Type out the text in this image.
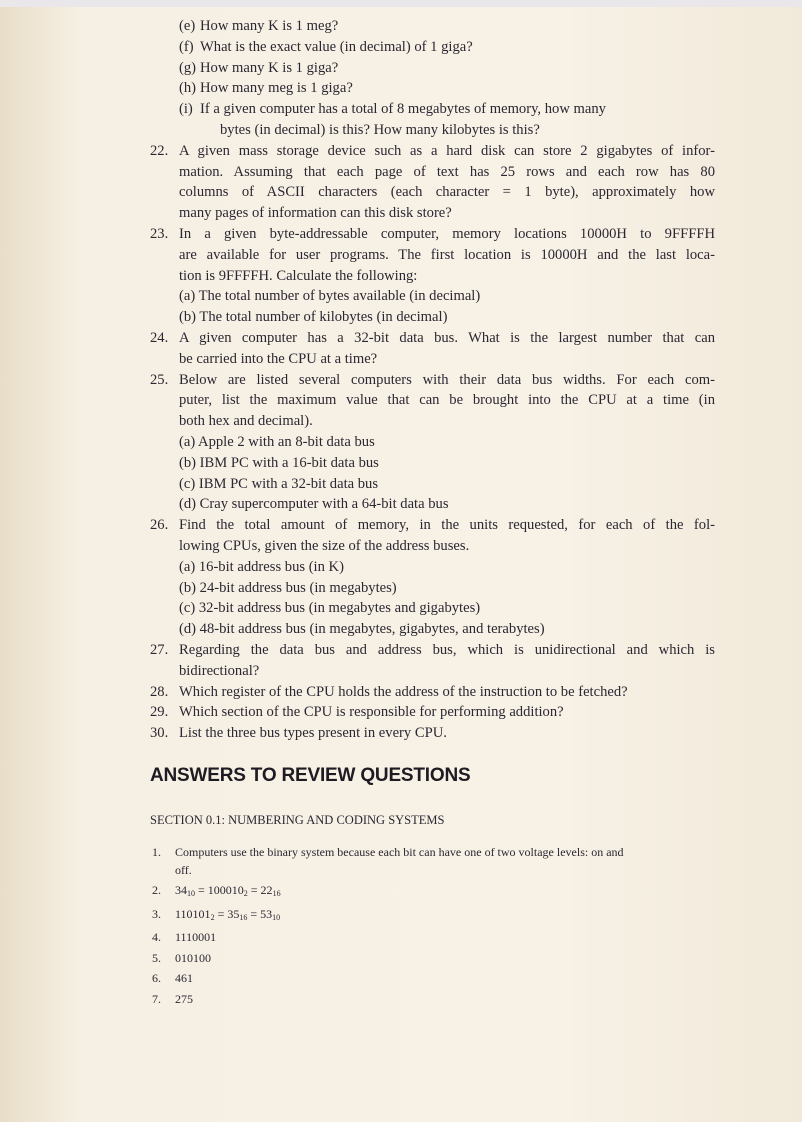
(e) How many K is 1 meg?
(f) What is the exact value (in decimal) of 1 giga?
(g) How many K is 1 giga?
(h) How many meg is 1 giga?
(i) If a given computer has a total of 8 megabytes of memory, how many
bytes (in decimal) is this? How many kilobytes is this?
22. A given mass storage device such as a hard disk can store 2 gigabytes of infor-
mation. Assuming that each page of text has 25 rows and each row has 80
columns of ASCII characters (each character = 1 byte), approximately how
many pages of information can this disk store?
23. In a given byte-addressable computer, memory locations 10000H to 9FFFFH
are available for user programs. The first location is 10000H and the last loca-
tion is 9FFFFH. Calculate the following:
(a) The total number of bytes available (in decimal)
(b) The total number of kilobytes (in decimal)
24. A given computer has a 32-bit data bus. What is the largest number that can
be carried into the CPU at a time?
25. Below are listed several computers with their data bus widths. For each com-
puter, list the maximum value that can be brought into the CPU at a time (in
both hex and decimal).
(a) Apple 2 with an 8-bit data bus
(b) IBM PC with a 16-bit data bus
(c) IBM PC with a 32-bit data bus
(d) Cray supercomputer with a 64-bit data bus
26. Find the total amount of memory, in the units requested, for each of the fol-
lowing CPUs, given the size of the address buses.
(a) 16-bit address bus (in K)
(b) 24-bit address bus (in megabytes)
(c) 32-bit address bus (in megabytes and gigabytes)
(d) 48-bit address bus (in megabytes, gigabytes, and terabytes)
27. Regarding the data bus and address bus, which is unidirectional and which is
bidirectional?
28. Which register of the CPU holds the address of the instruction to be fetched?
29. Which section of the CPU is responsible for performing addition?
30. List the three bus types present in every CPU.
ANSWERS TO REVIEW QUESTIONS
SECTION 0.1: NUMBERING AND CODING SYSTEMS
1. Computers use the binary system because each bit can have one of two voltage levels: on and
off.
2. $34_{10} = 100010_2 = 22_{16}$
3. $110101_2 = 35_{16} = 53_{10}$
4. 1110001
5. 010100
6. 461
7. 275
